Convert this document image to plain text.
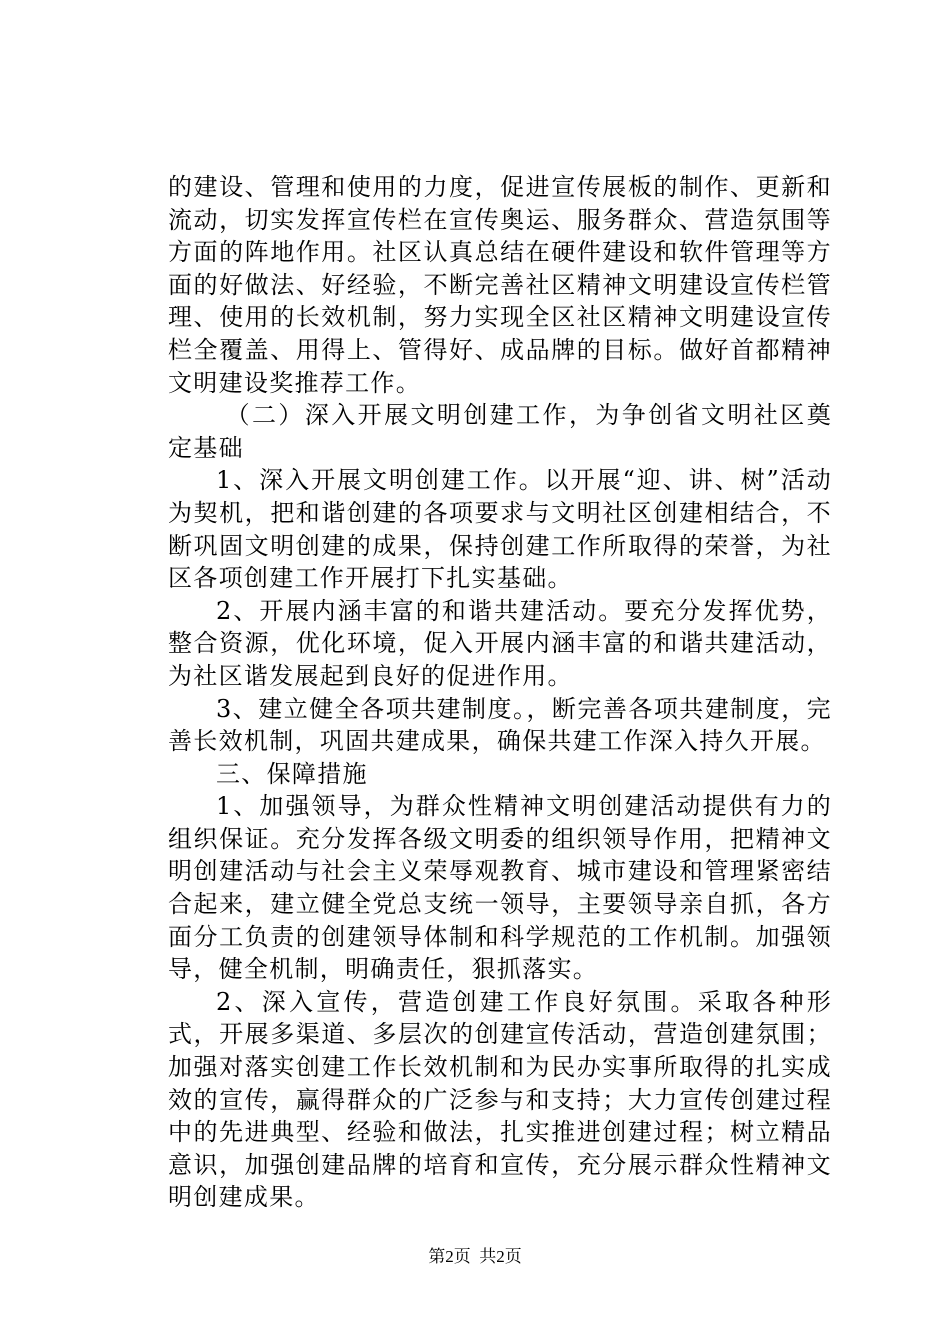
的建设、管理和使用的力度，促进宣传展板的制作、更新和流动，切实发挥宣传栏在宣传奥运、服务群众、营造氛围等方面的阵地作用。社区认真总结在硬件建设和软件管理等方面的好做法、好经验，不断完善社区精神文明建设宣传栏管理、使用的长效机制，努力实现全区社区精神文明建设宣传栏全覆盖、用得上、管得好、成品牌的目标。做好首都精神文明建设奖推荐工作。

（二）深入开展文明创建工作，为争创省文明社区奠定基础

1、深入开展文明创建工作。以开展“迎、讲、树”活动为契机，把和谐创建的各项要求与文明社区创建相结合，不断巩固文明创建的成果，保持创建工作所取得的荣誉，为社区各项创建工作开展打下扎实基础。

2、开展内涵丰富的和谐共建活动。要充分发挥优势，整合资源，优化环境，促入开展内涵丰富的和谐共建活动，为社区谐发展起到良好的促进作用。

3、建立健全各项共建制度。，断完善各项共建制度，完善长效机制，巩固共建成果，确保共建工作深入持久开展。

三、保障措施

1、加强领导，为群众性精神文明创建活动提供有力的组织保证。充分发挥各级文明委的组织领导作用，把精神文明创建活动与社会主义荣辱观教育、城市建设和管理紧密结合起来，建立健全党总支统一领导，主要领导亲自抓，各方面分工负责的创建领导体制和科学规范的工作机制。加强领导，健全机制，明确责任，狠抓落实。

2、深入宣传，营造创建工作良好氛围。采取各种形式，开展多渠道、多层次的创建宣传活动，营造创建氛围；加强对落实创建工作长效机制和为民办实事所取得的扎实成效的宣传，赢得群众的广泛参与和支持；大力宣传创建过程中的先进典型、经验和做法，扎实推进创建过程；树立精品意识，加强创建品牌的培育和宣传，充分展示群众性精神文明创建成果。

第2页  共2页
